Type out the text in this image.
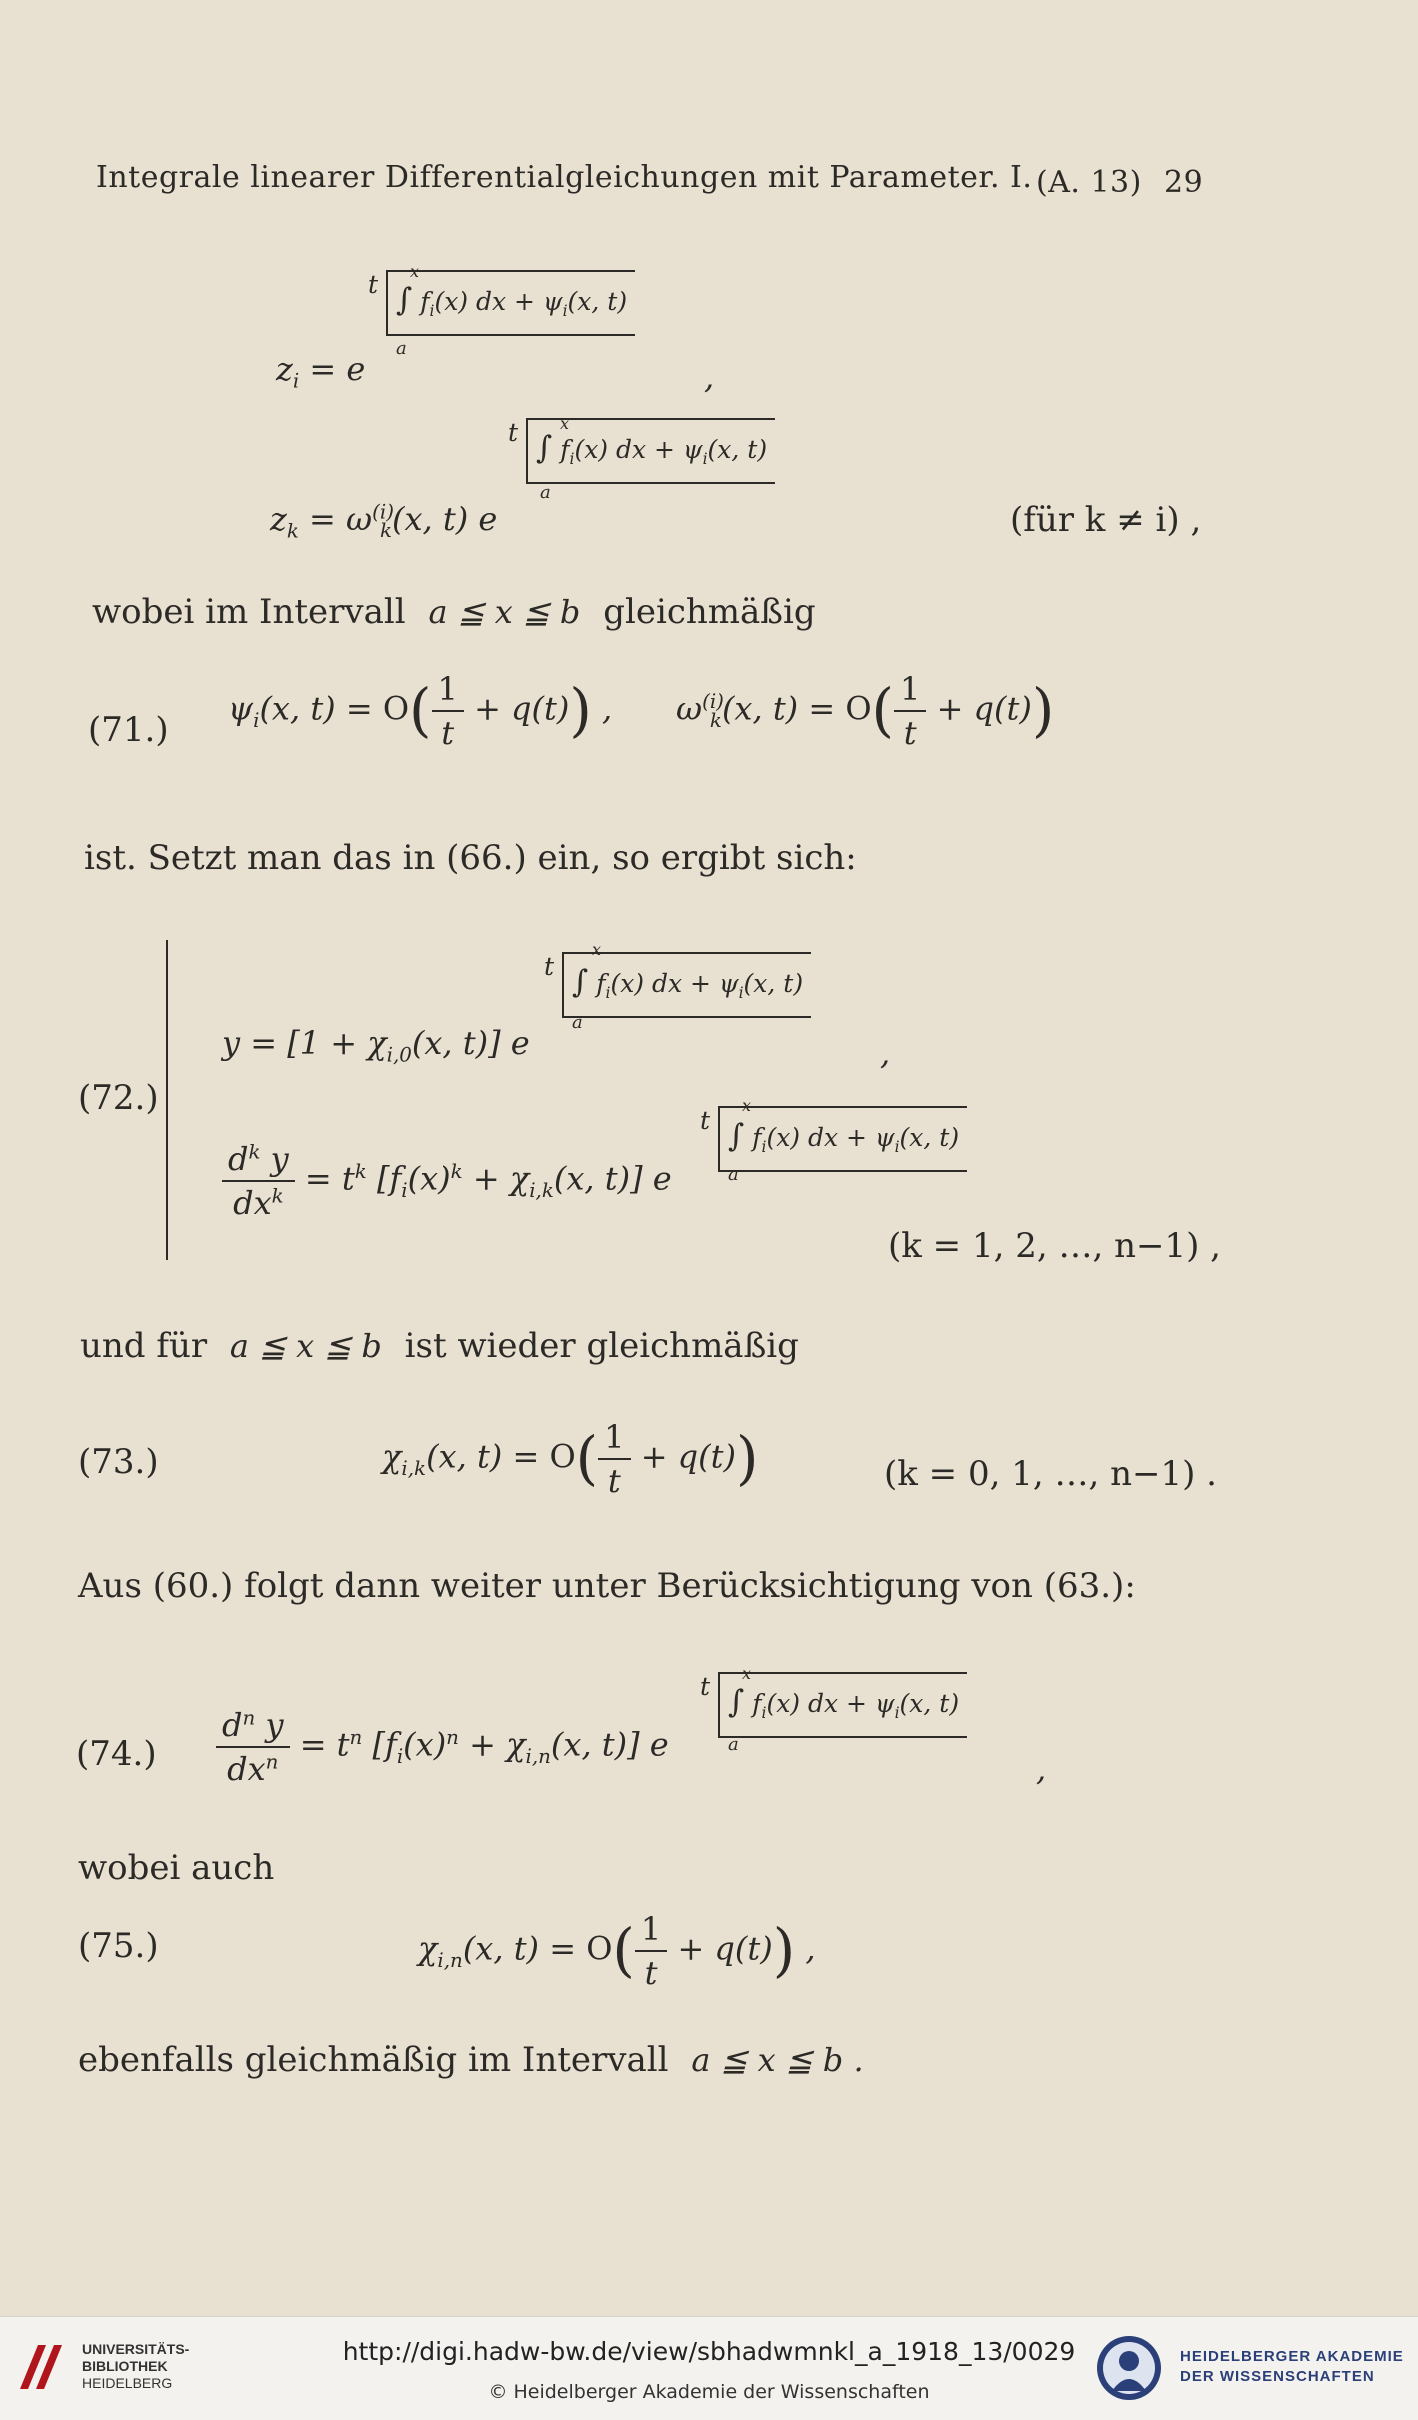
Integrale linearer Differentialgleichungen mit Parameter. I. (A. 13) 29
t ∫ $f_i(x)$ dx + $\psi_i(x$, t)
x
a
$z_i = e$	,
t ∫ $f_i(x)$ dx + $\psi_i(x$, t)
x
a
$z_k = \omega^{(i)}_k(x$, t) e	(für k ≠ i) ,
wobei im Intervall a ≦ x ≦ b gleichmäßig
(71.)
$\psi_i(x$, $t) = O( \frac{1}{t} + q(t))$ , $\omega^{(i)}_k(x$, $t) = O( \frac{1}{t} + q(t))$
ist. Setzt man das in (66.) ein, so ergibt sich:
(72.)
t ∫ $f_i(x)$ dx + $\psi_i(x$, t)
x
a
$y = [1 + \chi_{i,0}(x$, t)] e	,
t ∫ $f_i(x)$ dx + $\psi_i(x$, t)
x
a
$\frac{d^k y}{dx^k} = t^k$ [$f_i(x)^k + \chi_{i,k}(x$, t)] e
(k = 1, 2, …, n−1) ,
und für a ≦ x ≦ b ist wieder gleichmäßig
(73.)	$\chi_{i,k}(x$, $t) = O( \frac{1}{t} + q(t))$	(k = 0, 1, …, n−1) .
Aus (60.) folgt dann weiter unter Berücksichtigung von (63.):
t ∫ $f_i(x)$ dx + $\psi_i(x$, t)
x
a
$(74.) \frac{d^n y}{dx^n} = t^n$ [$f_i(x)^n + \chi_{i,n}(x$, t)] e
,
wobei auch
(75.)	$\chi_{i,n}(x$, $t) = O( \frac{1}{t} + q(t))$ ,
ebenfalls gleichmäßig im Intervall a ≦ x ≦ b .
UNIVERSITÄTS-
BIBLIOTHEK
HEIDELBERG
http://digi.hadw-bw.de/view/sbhadwmnkl_a_1918_13/0029
© Heidelberger Akademie der Wissenschaften
HEIDELBERGER AKADEMIE
DER WISSENSCHAFTEN
